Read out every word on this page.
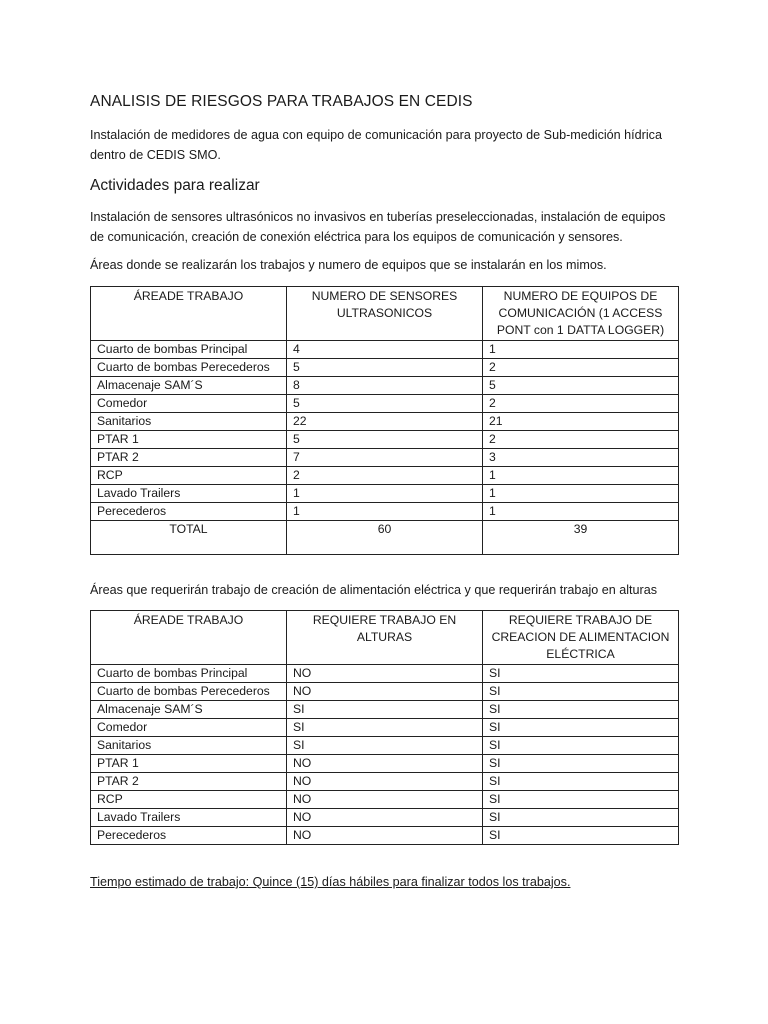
ANALISIS DE RIESGOS PARA TRABAJOS EN CEDIS
Instalación de medidores de agua con equipo de comunicación para proyecto de Sub-medición hídrica dentro de CEDIS SMO.
Actividades para realizar
Instalación de sensores ultrasónicos no invasivos en tuberías preseleccionadas, instalación de equipos de comunicación, creación de conexión eléctrica para los equipos de comunicación y sensores.
Áreas donde se realizarán los trabajos y numero de equipos que se instalarán en los mimos.
ÁREADE TRABAJO	NUMERO DE SENSORES ULTRASONICOS	NUMERO DE EQUIPOS DE COMUNICACIÓN (1 ACCESS PONT con 1 DATTA LOGGER)
Cuarto de bombas Principal	4	1
Cuarto de bombas Perecederos	5	2
Almacenaje SAM´S	8	5
Comedor	5	2
Sanitarios	22	21
PTAR 1	5	2
PTAR 2	7	3
RCP	2	1
Lavado Trailers	1	1
Perecederos	1	1
TOTAL	60	39
Áreas que requerirán trabajo de creación de alimentación eléctrica y que requerirán trabajo en alturas
ÁREADE TRABAJO	REQUIERE TRABAJO EN ALTURAS	REQUIERE TRABAJO DE CREACION DE ALIMENTACION ELÉCTRICA
Cuarto de bombas Principal	NO	SI
Cuarto de bombas Perecederos	NO	SI
Almacenaje SAM´S	SI	SI
Comedor	SI	SI
Sanitarios	SI	SI
PTAR 1	NO	SI
PTAR 2	NO	SI
RCP	NO	SI
Lavado Trailers	NO	SI
Perecederos	NO	SI
Tiempo estimado de trabajo: Quince (15) días hábiles para finalizar todos los trabajos.
